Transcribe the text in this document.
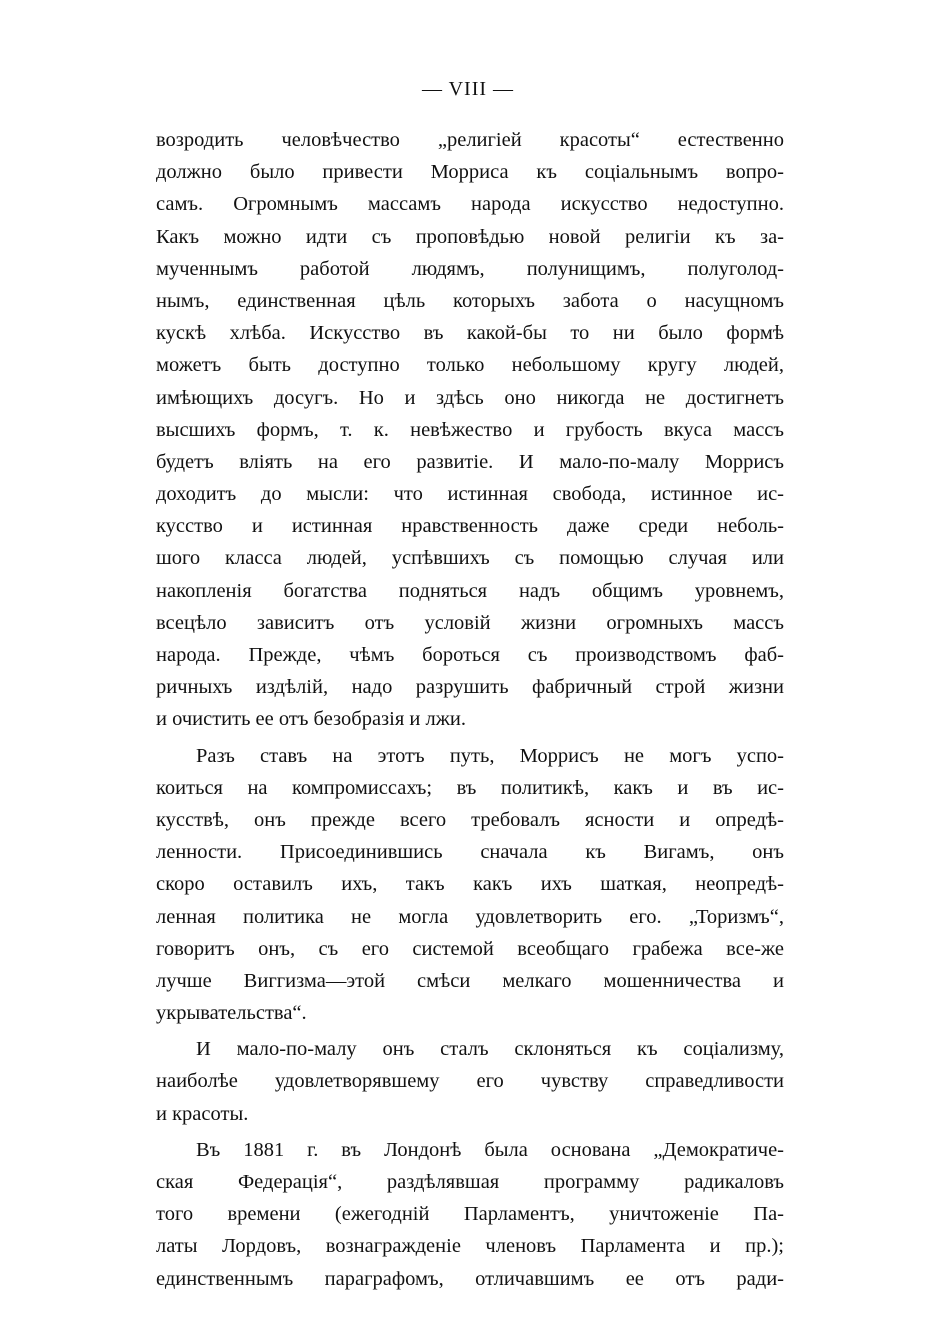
— VIII —

возродить человѣчество „религіей красоты“ естественно
должно было привести Морриса къ соціальнымъ вопро-
самъ. Огромнымъ массамъ народа искусство недоступно.
Какъ можно идти съ проповѣдью новой религіи къ за-
мученнымъ работой людямъ, полунищимъ, полуголод-
нымъ, единственная цѣль которыхъ забота о насущномъ
кускѣ хлѣба. Искусство въ какой-бы то ни было формѣ
можетъ быть доступно только небольшому кругу людей,
имѣющихъ досугъ. Но и здѣсь оно никогда не достигнетъ
высшихъ формъ, т. к. невѣжество и грубость вкуса массъ
будетъ вліять на его развитіе. И мало-по-малу Моррисъ
доходитъ до мысли: что истинная свобода, истинное ис-
кусство и истинная нравственность даже среди неболь-
шого класса людей, успѣвшихъ съ помощью случая или
накопленія богатства подняться надъ общимъ уровнемъ,
всецѣло зависитъ отъ условій жизни огромныхъ массъ
народа. Прежде, чѣмъ бороться съ производствомъ фаб-
ричныхъ издѣлій, надо разрушить фабричный строй жизни
и очистить ее отъ безобразія и лжи.

Разъ ставъ на этотъ путь, Моррисъ не могъ успо-
коиться на компромиссахъ; въ политикѣ, какъ и въ ис-
кусствѣ, онъ прежде всего требовалъ ясности и опредѣ-
ленности. Присоединившись сначала къ Вигамъ, онъ
скоро оставилъ ихъ, такъ какъ ихъ шаткая, неопредѣ-
ленная политика не могла удовлетворить его. „Торизмъ“,
говоритъ онъ, съ его системой всеобщаго грабежа все-же
лучше Виггизма—этой смѣси мелкаго мошенничества и
укрывательства“.

И мало-по-малу онъ сталъ склоняться къ соціализму,
наиболѣе удовлетворявшему его чувству справедливости
и красоты.

Въ 1881 г. въ Лондонѣ была основана „Демократиче-
ская Федерація“, раздѣлявшая программу радикаловъ
того времени (ежегодній Парламентъ, уничтоженіе Па-
латы Лордовъ, вознагражденіе членовъ Парламента и пр.);
единственнымъ параграфомъ, отличавшимъ ее отъ ради-
